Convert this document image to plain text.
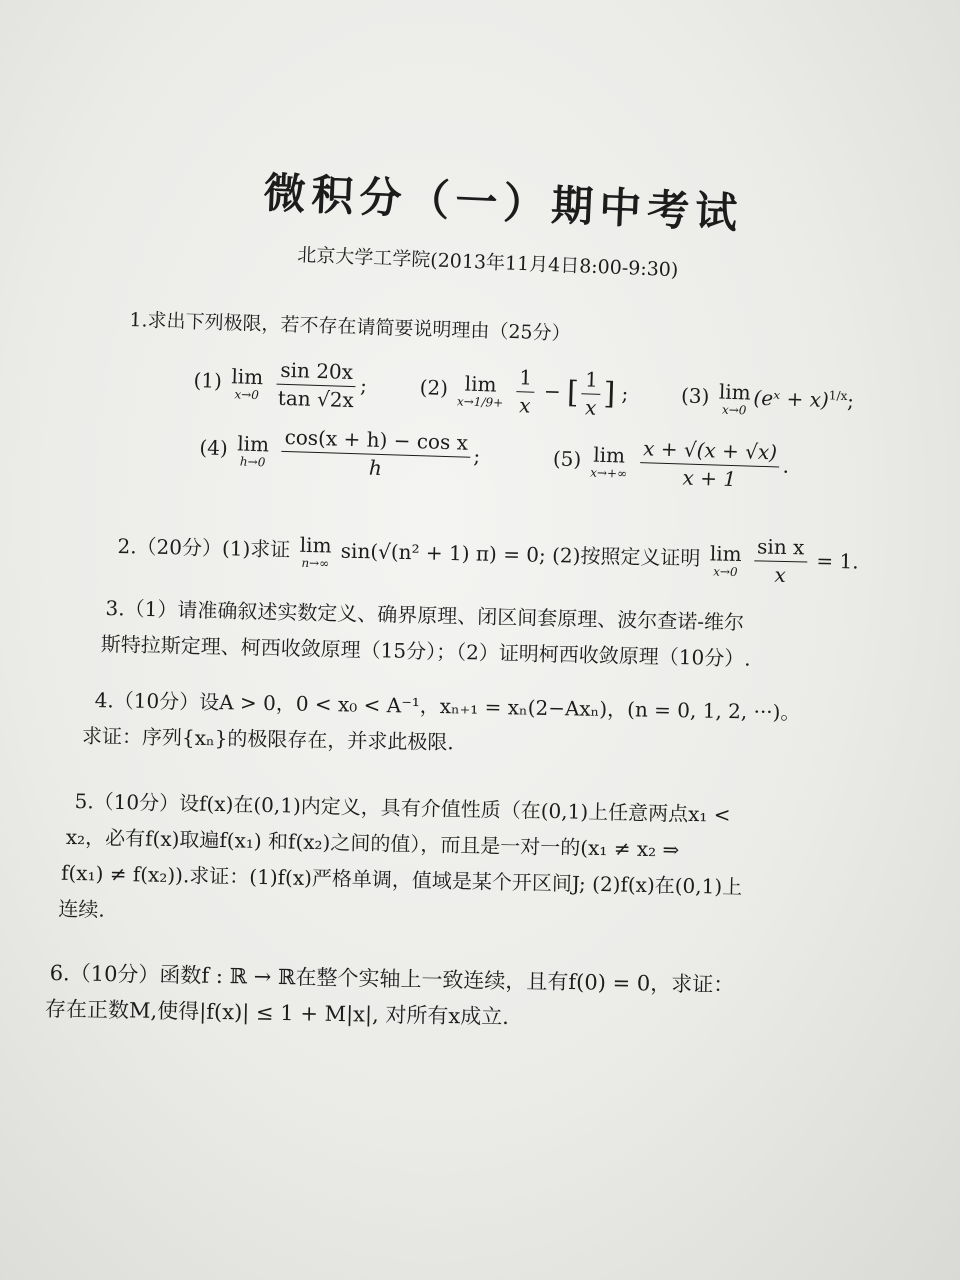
微积分（一）期中考试
北京大学工学院(2013年11月4日8:00-9:30)
1.求出下列极限，若不存在请简要说明理由（25分）
(1) lim
x→0
$\frac{\sin 20x}{\tan √2x}$ ;	(2) lim
x→1/9+
$\frac{1}{x}$ − [ $\frac{1}{x}$ ] ;	(3) lim
x→0 (eˣ + x)$^{1/x}$;
(4) lim
h→0
$\frac{\text{cos(x + h) − cos x}}{h}$ ;	(5) lim
x→+∞
$\frac{x + √(x + √x)}{x + 1}$ .
2.（20分）(1)求证 lim
n→∞ sin(√(n² + 1) π) = 0; (2)按照定义证明 lim
x→0
$\frac{\text{sin x}}{x} = 1$.
3.（1）请准确叙述实数定义、确界原理、闭区间套原理、波尔查诺-维尔
斯特拉斯定理、柯西收敛原理（15分）；（2）证明柯西收敛原理（10分）.
4.（10分）设A > 0，0 < x₀ < A⁻¹，xₙ₊₁ = xₙ(2−Axₙ)，(n = 0, 1, 2, ···)。
求证：序列{xₙ}的极限存在，并求此极限.
5.（10分）设f(x)在(0,1)内定义，具有介值性质（在(0,1)上任意两点x₁ <
x₂，必有f(x)取遍f(x₁) 和f(x₂)之间的值），而且是一对一的(x₁ ≠ x₂ ⇒
f(x₁) ≠ f(x₂)).求证：(1)f(x)严格单调，值域是某个开区间J; (2)f(x)在(0,1)上
连续.
6.（10分）函数f : ℝ → ℝ在整个实轴上一致连续，且有f(0) = 0，求证：
存在正数M,使得|f(x)| ≤ 1 + M|x|, 对所有x成立.
